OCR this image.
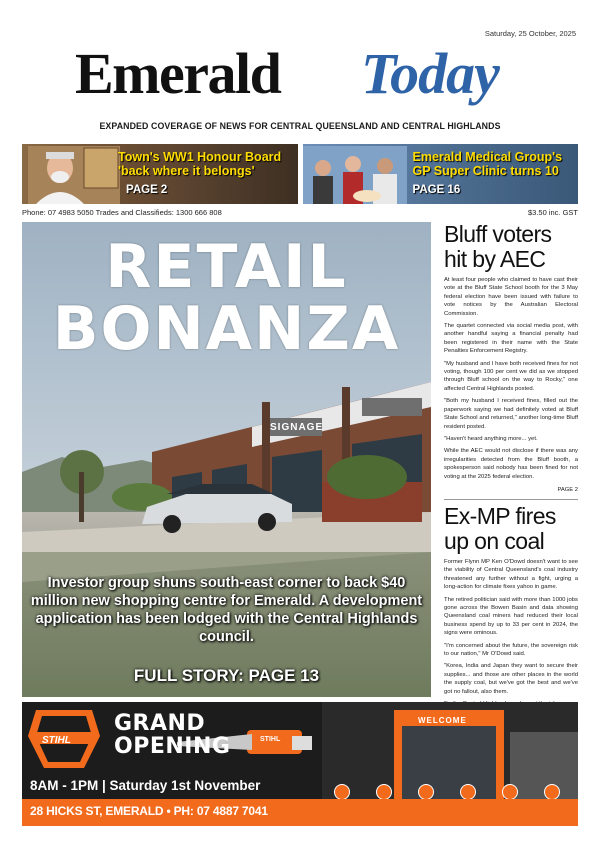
Saturday, 25 October, 2025
Emerald Today
EXPANDED COVERAGE OF NEWS FOR CENTRAL QUEENSLAND AND CENTRAL HIGHLANDS
Town's WW1 Honour Board
'back where it belongs'
PAGE 2
Emerald Medical Group's
GP Super Clinic turns 10
PAGE 16
Phone: 07 4983 5050 Trades and Classifieds: 1300 666 808	$3.50 inc. GST
RETAIL
BONANZA
SIGNAGE
Investor group shuns south-east corner to back $40 million new shopping centre for Emerald. A development application has been lodged with the Central Highlands council.
FULL STORY: PAGE 13
Bluff voters hit by AEC

At least four people who claimed to have cast their vote at the Bluff State School booth for the 3 May federal election have been issued with failure to vote notices by the Australian Electoral Commission.

The quartet connected via social media post, with another handful saying a financial penalty had been registered in their name with the State Penalties Enforcement Registry.

"My husband and I have both received fines for not voting, though 100 per cent we did as we stopped through Bluff school on the way to Rocky," one affected Central Highlands posted.

"Both my husband I received fines, filled out the paperwork saying we had definitely voted at Bluff State School and returned," another long-time Bluff resident posted.

"Haven't heard anything more... yet.

While the AEC would not disclose if there was any irregularities detected from the Bluff booth, a spokesperson said nobody has been fined for not voting at the 2025 federal election.

PAGE 2
Ex-MP fires up on coal

Former Flynn MP Ken O'Dowd doesn't want to see the viability of Central Queensland's coal industry threatened any further without a fight, urging a long-action for climate fixes yahoo in game.

The retired politician said with more than 1000 jobs gone across the Bowen Basin and data showing Queensland coal miners had reduced their local business spend by up to 33 per cent in 2024, the signs were ominous.

"I'm concerned about the future, the sovereign risk to our nation," Mr O'Dowd said.

"Korea, India and Japan they want to secure their supplies... and those are other places in the world the supply coal, but we've got the best and we've got no fallout, also them.

STIHL
GRAND
OPENING	STIHL
WELCOME
8AM - 1PM | Saturday 1st November
28 HICKS ST, EMERALD • PH: 07 4887 7041
